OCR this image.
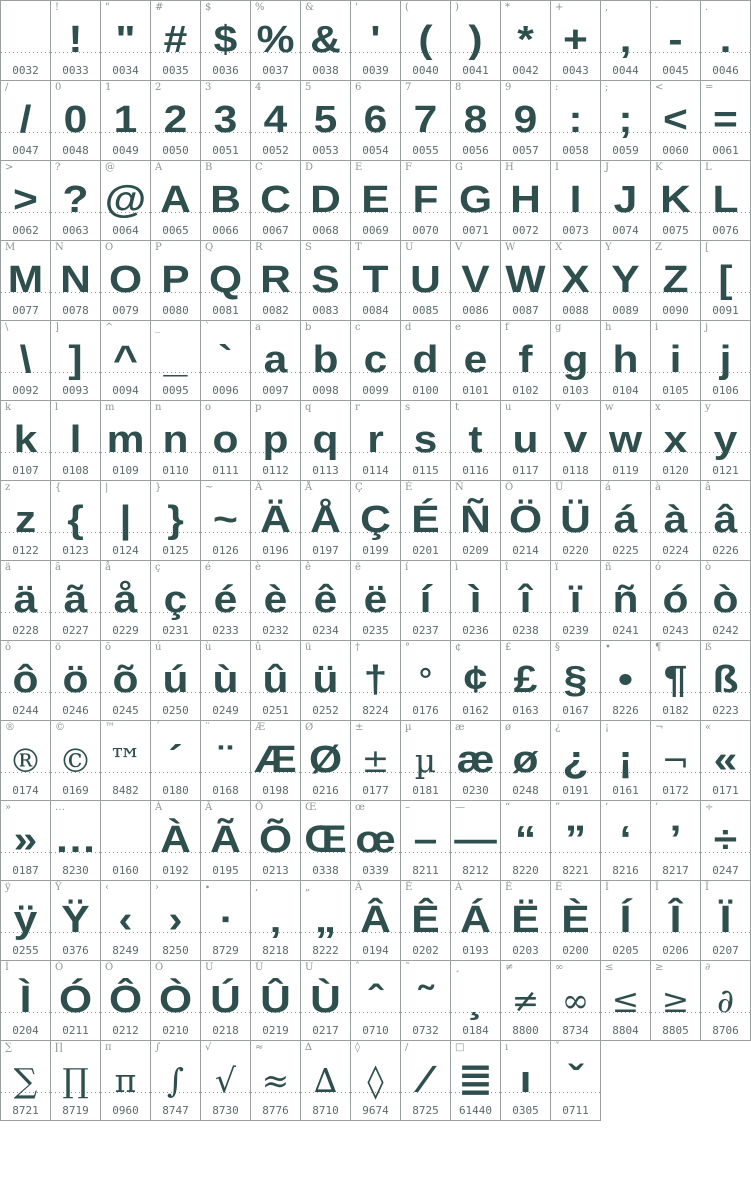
0032
!
!
0033
"
"
0034
#
#
0035
$
$
0036
%
%
0037
&
&
0038
'
'
0039
(
(
0040
)
)
0041
*
*
0042
+
+
0043
,
,
0044
-
-
0045
.
.
0046
/
/
0047
0
0
0048
1
1
0049
2
2
0050
3
3
0051
4
4
0052
5
5
0053
6
6
0054
7
7
0055
8
8
0056
9
9
0057
:
:
0058
;
;
0059
<
<
0060
=
=
0061
>
>
0062
?
?
0063
@
@
0064
A
A
0065
B
B
0066
C
C
0067
D
D
0068
E
E
0069
F
F
0070
G
G
0071
H
H
0072
I
I
0073
J
J
0074
K
K
0075
L
L
0076
M
M
0077
N
N
0078
O
O
0079
P
P
0080
Q
Q
0081
R
R
0082
S
S
0083
T
T
0084
U
U
0085
V
V
0086
W
W
0087
X
X
0088
Y
Y
0089
Z
Z
0090
[
[
0091
\
\
0092
]
]
0093
^
^
0094
_
_
0095
`
`
0096
a
a
0097
b
b
0098
c
c
0099
d
d
0100
e
e
0101
f
f
0102
g
g
0103
h
h
0104
i
i
0105
j
j
0106
k
k
0107
l
l
0108
m
m
0109
n
n
0110
o
o
0111
p
p
0112
q
q
0113
r
r
0114
s
s
0115
t
t
0116
u
u
0117
v
v
0118
w
w
0119
x
x
0120
y
y
0121
z
z
0122
{
{
0123
|
|
0124
}
}
0125
~
~
0126
Ä
Ä
0196
Å
Å
0197
Ç
Ç
0199
É
É
0201
Ñ
Ñ
0209
Ö
Ö
0214
Ü
Ü
0220
á
á
0225
à
à
0224
â
â
0226
ä
ä
0228
ã
ã
0227
å
å
0229
ç
ç
0231
é
é
0233
è
è
0232
ê
ê
0234
ë
ë
0235
í
í
0237
ì
ì
0236
î
î
0238
ï
ï
0239
ñ
ñ
0241
ó
ó
0243
ò
ò
0242
ô
ô
0244
ö
ö
0246
õ
õ
0245
ú
ú
0250
ù
ù
0249
û
û
0251
ü
ü
0252
†
†
8224
°
°
0176
¢
¢
0162
£
£
0163
§
§
0167
•
•
8226
¶
¶
0182
ß
ß
0223
®
®
0174
©
©
0169
™
™
8482
´
´
0180
¨
¨
0168
Æ
Æ
0198
Ø
Ø
0216
±
±
0177
µ
µ
0181
æ
æ
0230
ø
ø
0248
¿
¿
0191
¡
¡
0161
¬
¬
0172
«
«
0171
»
»
0187
…
…
8230
	0160
À
À
0192
Ã
Ã
0195
Õ
Õ
0213
Œ
Œ
0338
œ
œ
0339
–
–
8211
—
—
8212
“
“
8220
”
”
8221
‘
‘
8216
’
’
8217
÷
÷
0247
ÿ
ÿ
0255
Ÿ
Ÿ
0376
‹
‹
8249
›
›
8250
∙
∙
8729
‚
‚
8218
„
„
8222
Â
Â
0194
Ê
Ê
0202
Á
Á
0193
Ë
Ë
0203
È
È
0200
Í
Í
0205
Î
Î
0206
Ï
Ï
0207
Ì
Ì
0204
Ó
Ó
0211
Ô
Ô
0212
Ò
Ò
0210
Ú
Ú
0218
Û
Û
0219
Ù
Ù
0217
ˆ
ˆ
0710
˜
˜
0732
¸
¸
0184
≠
≠
8800
∞
∞
8734
≤
≤
8804
≥
≥
8805
∂
∂
8706
∑
∑
8721
∏
∏
8719
π
π
0960
∫
∫
8747
√
√
8730
≈
≈
8776
∆
∆
8710
◊
◊
9674
∕
∕
8725
□
≣
61440
ı
ı
0305
ˇ
ˇ
0711
